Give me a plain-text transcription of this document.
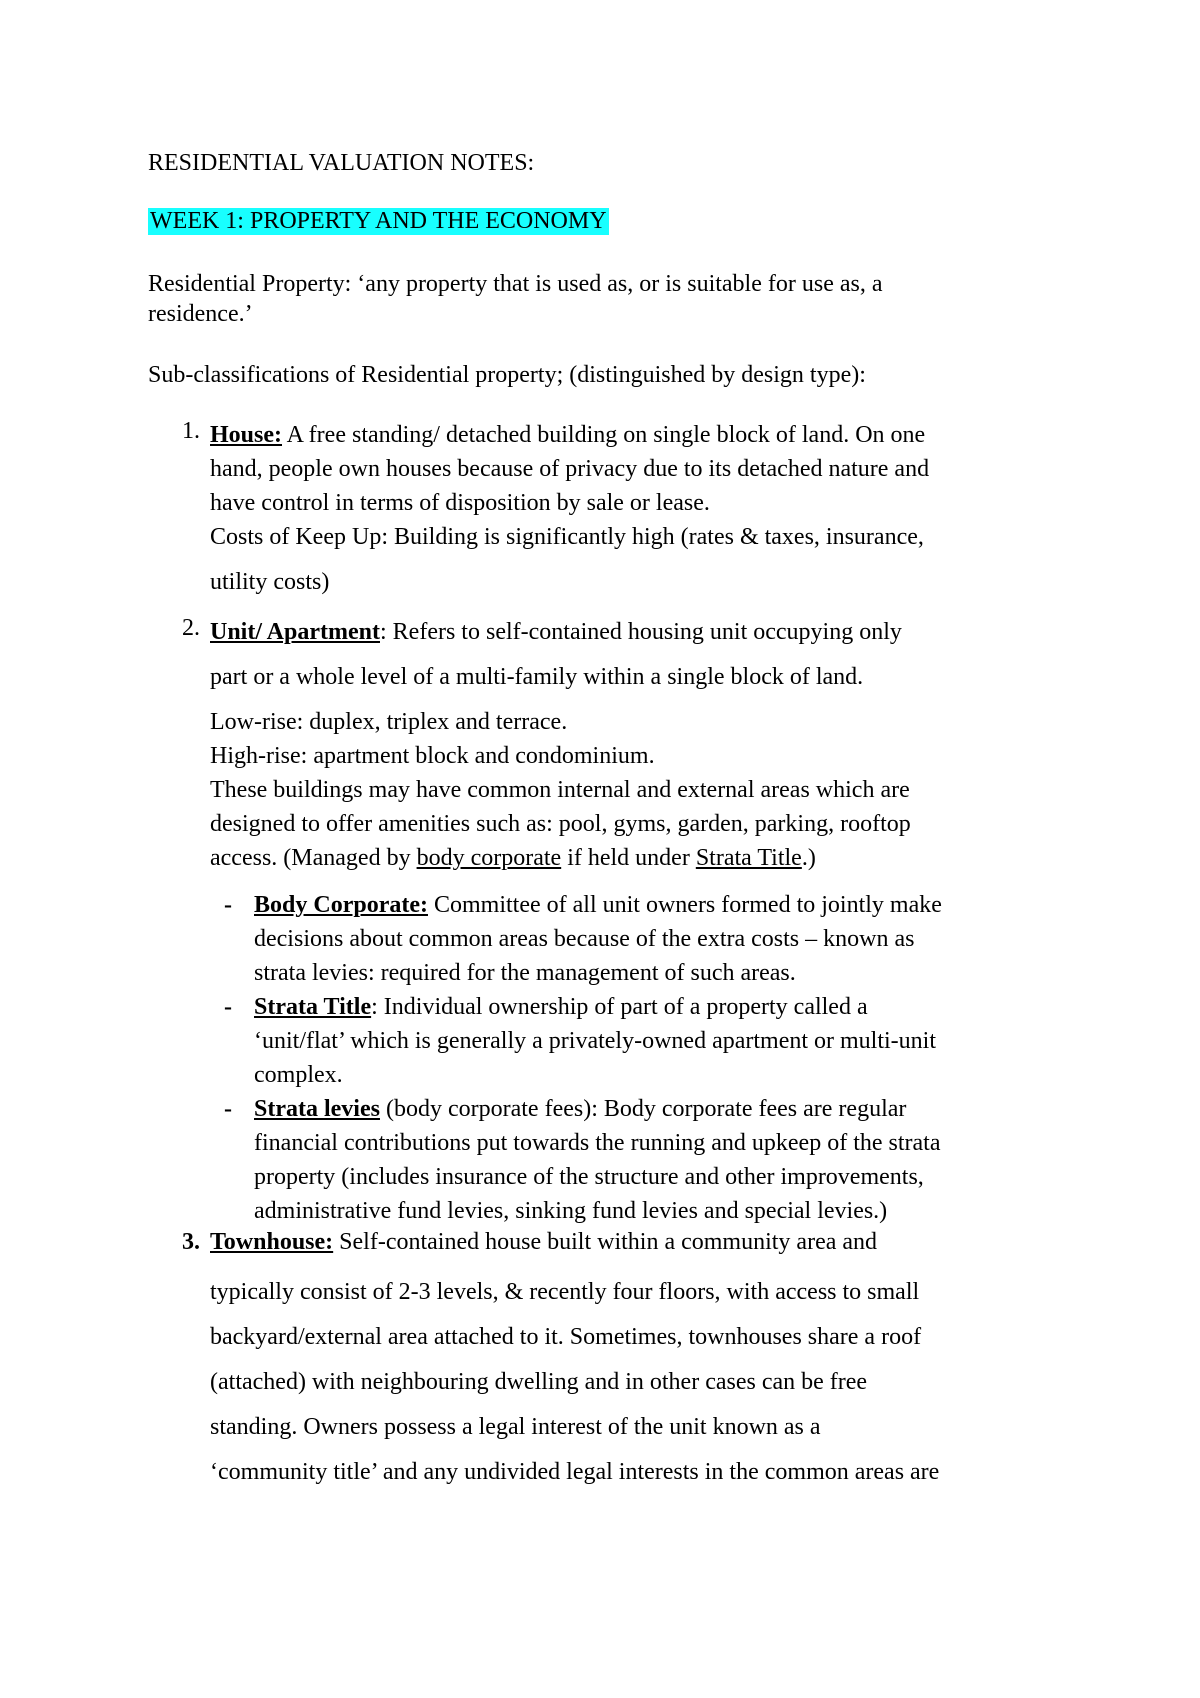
RESIDENTIAL VALUATION NOTES:
WEEK 1: PROPERTY AND THE ECONOMY
Residential Property: ‘any property that is used as, or is suitable for use as, a
residence.’
Sub-classifications of Residential property; (distinguished by design type):
1. House: A free standing/ detached building on single block of land. On one
hand, people own houses because of privacy due to its detached nature and
have control in terms of disposition by sale or lease.
Costs of Keep Up: Building is significantly high (rates & taxes, insurance,
utility costs)
2. Unit/ Apartment: Refers to self-contained housing unit occupying only
part or a whole level of a multi-family within a single block of land.
Low-rise: duplex, triplex and terrace.
High-rise: apartment block and condominium.
These buildings may have common internal and external areas which are
designed to offer amenities such as: pool, gyms, garden, parking, rooftop
access. (Managed by body corporate if held under Strata Title.)
- Body Corporate: Committee of all unit owners formed to jointly make
decisions about common areas because of the extra costs – known as
strata levies: required for the management of such areas.
- Strata Title: Individual ownership of part of a property called a
‘unit/flat’ which is generally a privately-owned apartment or multi-unit
complex.
- Strata levies (body corporate fees): Body corporate fees are regular
financial contributions put towards the running and upkeep of the strata
property (includes insurance of the structure and other improvements,
administrative fund levies, sinking fund levies and special levies.)
3. Townhouse: Self-contained house built within a community area and
typically consist of 2-3 levels, & recently four floors, with access to small
backyard/external area attached to it. Sometimes, townhouses share a roof
(attached) with neighbouring dwelling and in other cases can be free
standing. Owners possess a legal interest of the unit known as a
‘community title’ and any undivided legal interests in the common areas are
